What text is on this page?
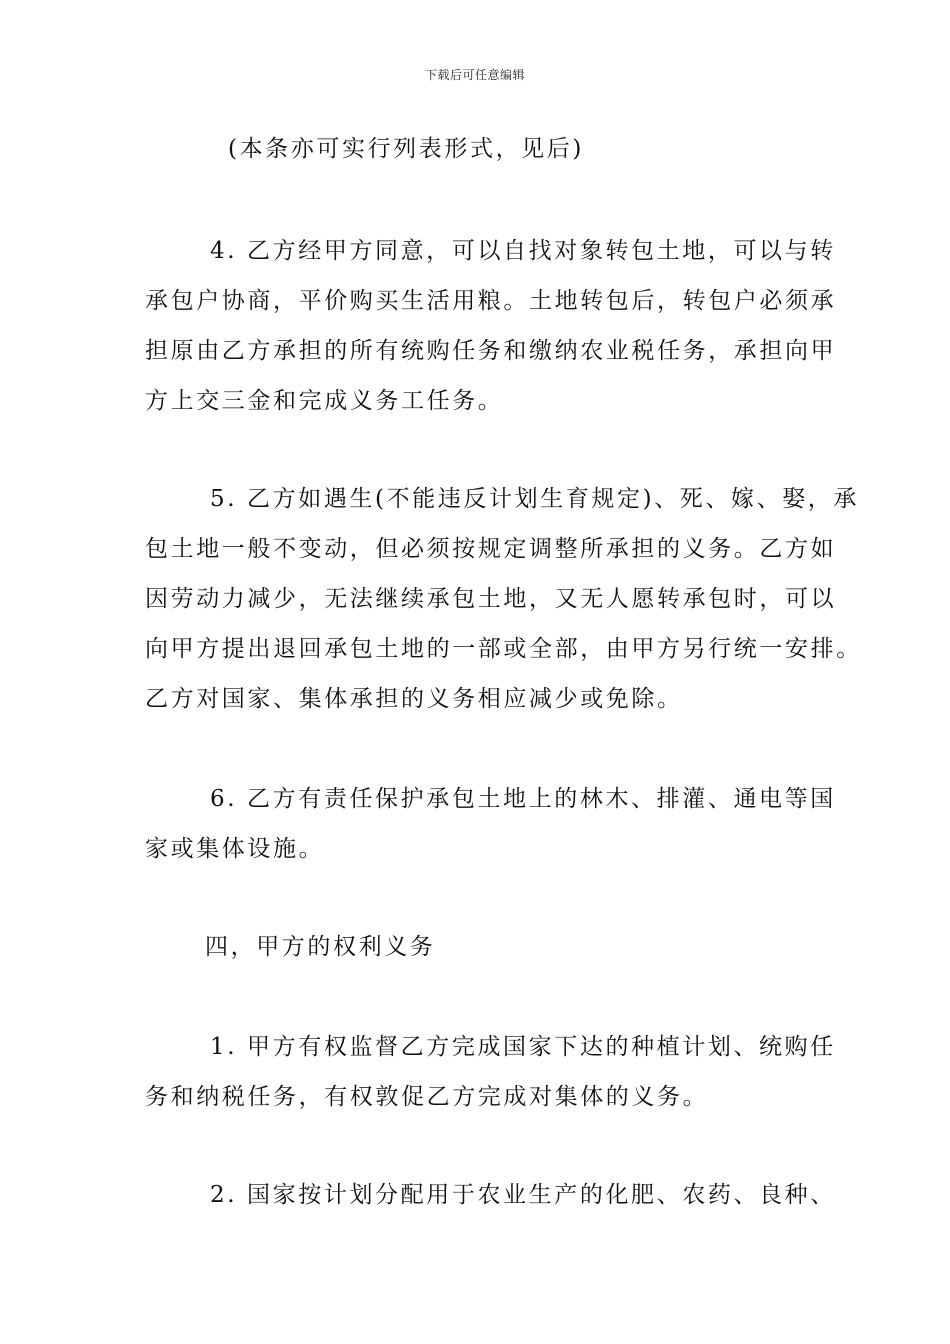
下载后可任意编辑
(本条亦可实行列表形式，见后)
4. 乙方经甲方同意，可以自找对象转包土地，可以与转
承包户协商，平价购买生活用粮。土地转包后，转包户必须承
担原由乙方承担的所有统购任务和缴纳农业税任务，承担向甲
方上交三金和完成义务工任务。
5. 乙方如遇生(不能违反计划生育规定)、死、嫁、娶，承
包土地一般不变动，但必须按规定调整所承担的义务。乙方如
因劳动力减少，无法继续承包土地，又无人愿转承包时，可以
向甲方提出退回承包土地的一部或全部，由甲方另行统一安排。
乙方对国家、集体承担的义务相应减少或免除。
6. 乙方有责任保护承包土地上的林木、排灌、通电等国
家或集体设施。
四，甲方的权利义务
1. 甲方有权监督乙方完成国家下达的种植计划、统购任
务和纳税任务，有权敦促乙方完成对集体的义务。
2. 国家按计划分配用于农业生产的化肥、农药、良种、
